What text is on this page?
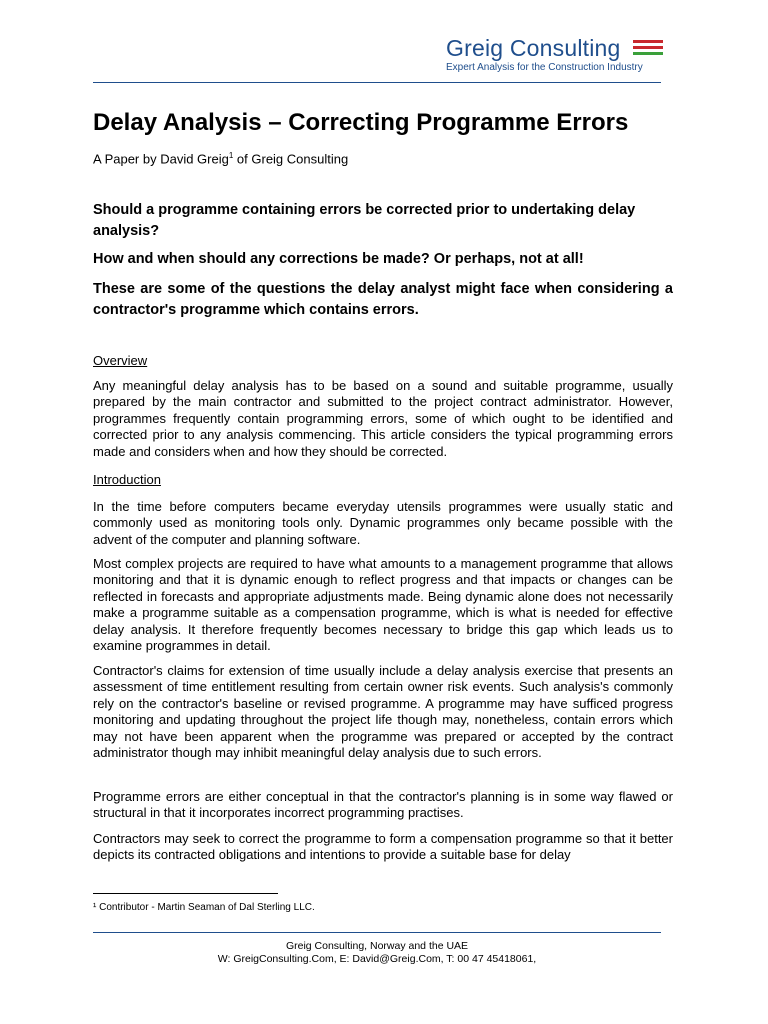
Greig Consulting
Expert Analysis for the Construction Industry
Delay Analysis – Correcting Programme Errors
A Paper by David Greig$^1$ of Greig Consulting

Should a programme containing errors be corrected prior to undertaking delay analysis?

How and when should any corrections be made? Or perhaps, not at all!

These are some of the questions the delay analyst might face when considering a contractor's programme which contains errors.

Overview

Any meaningful delay analysis has to be based on a sound and suitable programme, usually prepared by the main contractor and submitted to the project contract administrator. However, programmes frequently contain programming errors, some of which ought to be identified and corrected prior to any analysis commencing. This article considers the typical programming errors made and considers when and how they should be corrected.

Introduction

In the time before computers became everyday utensils programmes were usually static and commonly used as monitoring tools only. Dynamic programmes only became possible with the advent of the computer and planning software.

Most complex projects are required to have what amounts to a management programme that allows monitoring and that it is dynamic enough to reflect progress and that impacts or changes can be reflected in forecasts and appropriate adjustments made. Being dynamic alone does not necessarily make a programme suitable as a compensation programme, which is what is needed for effective delay analysis. It therefore frequently becomes necessary to bridge this gap which leads us to examine programmes in detail.

Contractor's claims for extension of time usually include a delay analysis exercise that presents an assessment of time entitlement resulting from certain owner risk events. Such analysis's commonly rely on the contractor's baseline or revised programme. A programme may have sufficed progress monitoring and updating throughout the project life though may, nonetheless, contain errors which may not have been apparent when the programme was prepared or accepted by the contract administrator though may inhibit meaningful delay analysis due to such errors.

Programme errors are either conceptual in that the contractor's planning is in some way flawed or structural in that it incorporates incorrect programming practises.

Contractors may seek to correct the programme to form a compensation programme so that it better depicts its contracted obligations and intentions to provide a suitable base for delay

¹ Contributor - Martin Seaman of Dal Sterling LLC.
Greig Consulting, Norway and the UAE
W: GreigConsulting.Com, E: David@Greig.Com, T: 00 47 45418061,
